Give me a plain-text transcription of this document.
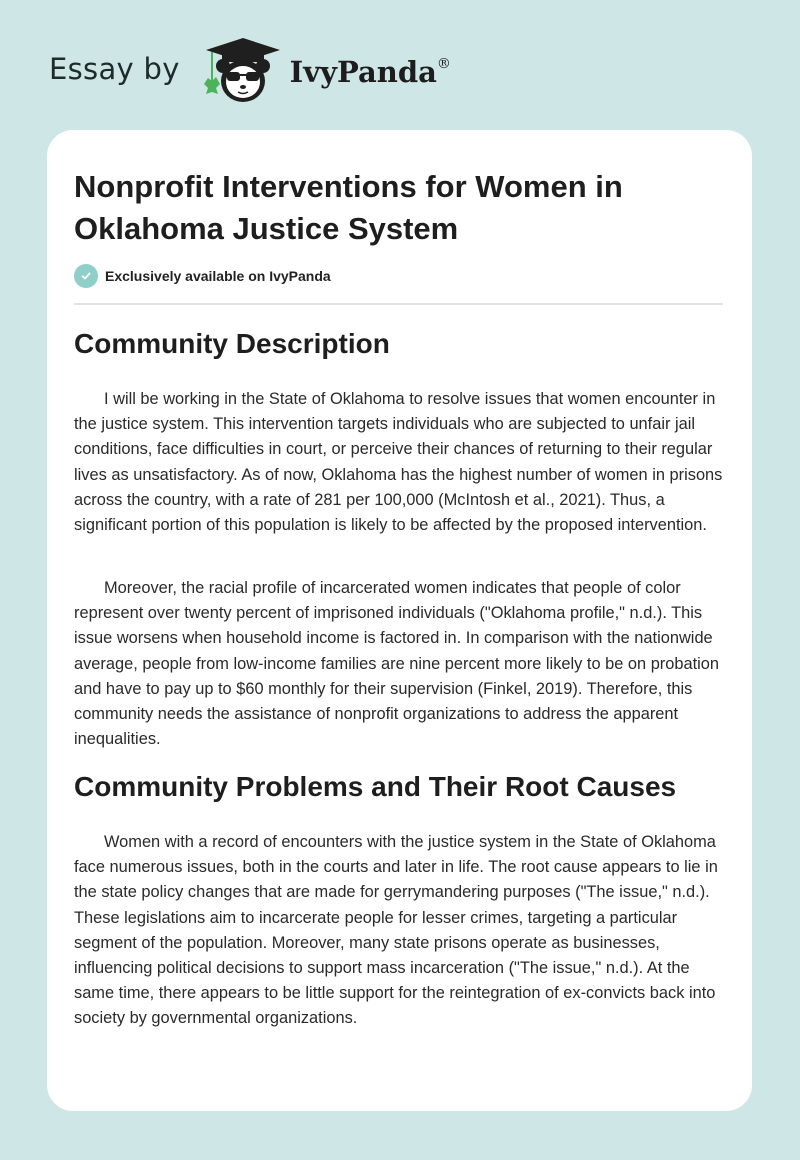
Essay by	IvyPanda®
Nonprofit Interventions for Women in Oklahoma Justice System
Exclusively available on IvyPanda
Community Description

I will be working in the State of Oklahoma to resolve issues that women encounter in the justice system. This intervention targets individuals who are subjected to unfair jail conditions, face difficulties in court, or perceive their chances of returning to their regular lives as unsatisfactory. As of now, Oklahoma has the highest number of women in prisons across the country, with a rate of 281 per 100,000 (McIntosh et al., 2021). Thus, a significant portion of this population is likely to be affected by the proposed intervention.

Moreover, the racial profile of incarcerated women indicates that people of color represent over twenty percent of imprisoned individuals ("Oklahoma profile," n.d.). This issue worsens when household income is factored in. In comparison with the nationwide average, people from low-income families are nine percent more likely to be on probation and have to pay up to $60 monthly for their supervision (Finkel, 2019). Therefore, this community needs the assistance of nonprofit organizations to address the apparent inequalities.

Community Problems and Their Root Causes

Women with a record of encounters with the justice system in the State of Oklahoma face numerous issues, both in the courts and later in life. The root cause appears to lie in the state policy changes that are made for gerrymandering purposes ("The issue," n.d.). These legislations aim to incarcerate people for lesser crimes, targeting a particular segment of the population. Moreover, many state prisons operate as businesses, influencing political decisions to support mass incarceration ("The issue," n.d.). At the same time, there appears to be little support for the reintegration of ex-convicts back into society by governmental organizations.
